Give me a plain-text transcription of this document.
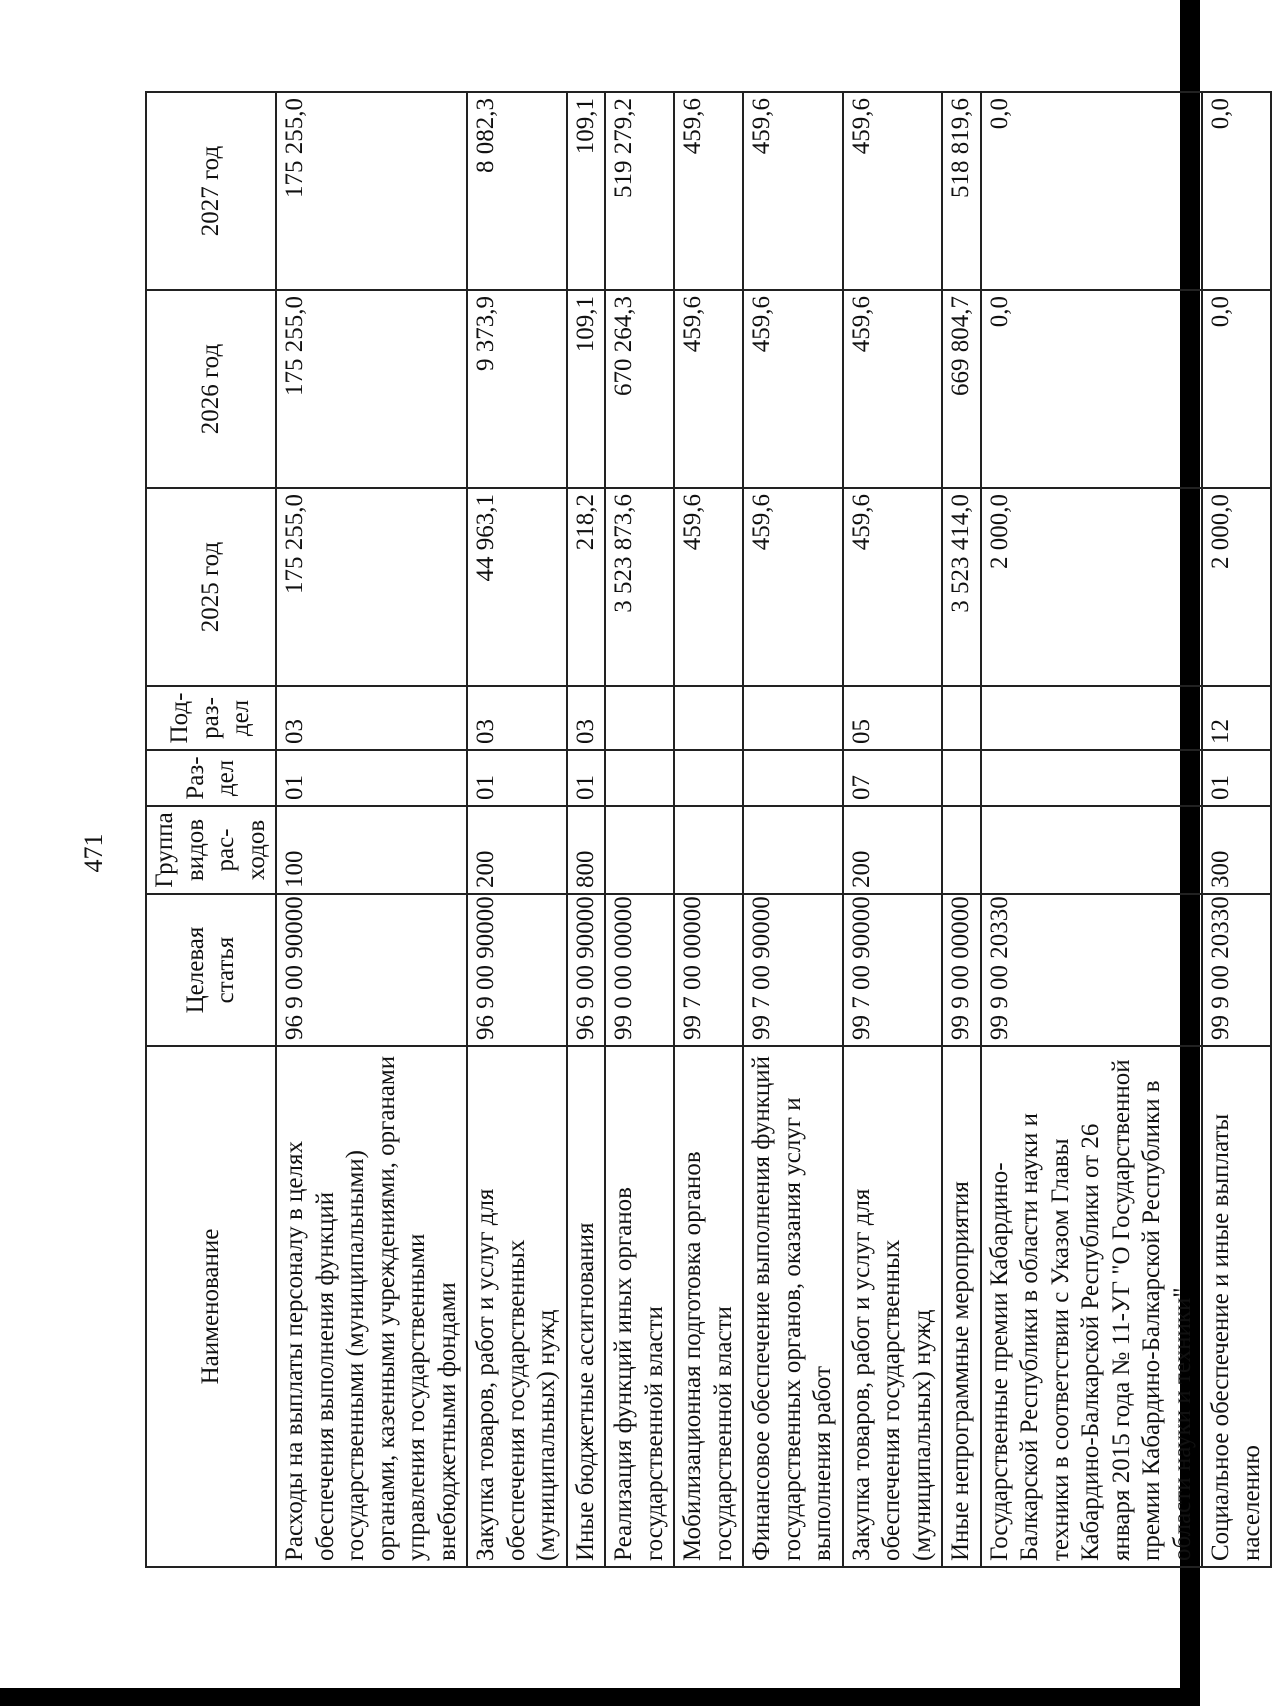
471
Наименование	Целевая статья	Группа видов рас-ходов	Раз-дел	Под-раз-дел	2025 год	2026 год	2027 год
Расходы на выплаты персоналу в целях обеспечения выполнения функций государственными (муниципальными) органами, казенными учреждениями, органами управления государственными внебюджетными фондами	96 9 00 90000	100	01	03	175 255,0	175 255,0	175 255,0
Закупка товаров, работ и услуг для обеспечения государственных (муниципальных) нужд	96 9 00 90000	200	01	03	44 963,1	9 373,9	8 082,3
Иные бюджетные ассигнования	96 9 00 90000	800	01	03	218,2	109,1	109,1
Реализация функций иных органов государственной власти	99 0 00 00000				3 523 873,6	670 264,3	519 279,2
Мобилизационная подготовка органов государственной власти	99 7 00 00000				459,6	459,6	459,6
Финансовое обеспечение выполнения функций государственных органов, оказания услуг и выполнения работ	99 7 00 90000				459,6	459,6	459,6
Закупка товаров, работ и услуг для обеспечения государственных (муниципальных) нужд	99 7 00 90000	200	07	05	459,6	459,6	459,6
Иные непрограммные мероприятия	99 9 00 00000				3 523 414,0	669 804,7	518 819,6
Государственные премии Кабардино-Балкарской Республики в области науки и техники в соответствии с Указом Главы Кабардино-Балкарской Республики от 26 января 2015 года № 11-УГ "О Государственной премии Кабардино-Балкарской Республики в области науки и техники"	99 9 00 20330				2 000,0	0,0	0,0
Социальное обеспечение и иные выплаты населению	99 9 00 20330	300	01	12	2 000,0	0,0	0,0
